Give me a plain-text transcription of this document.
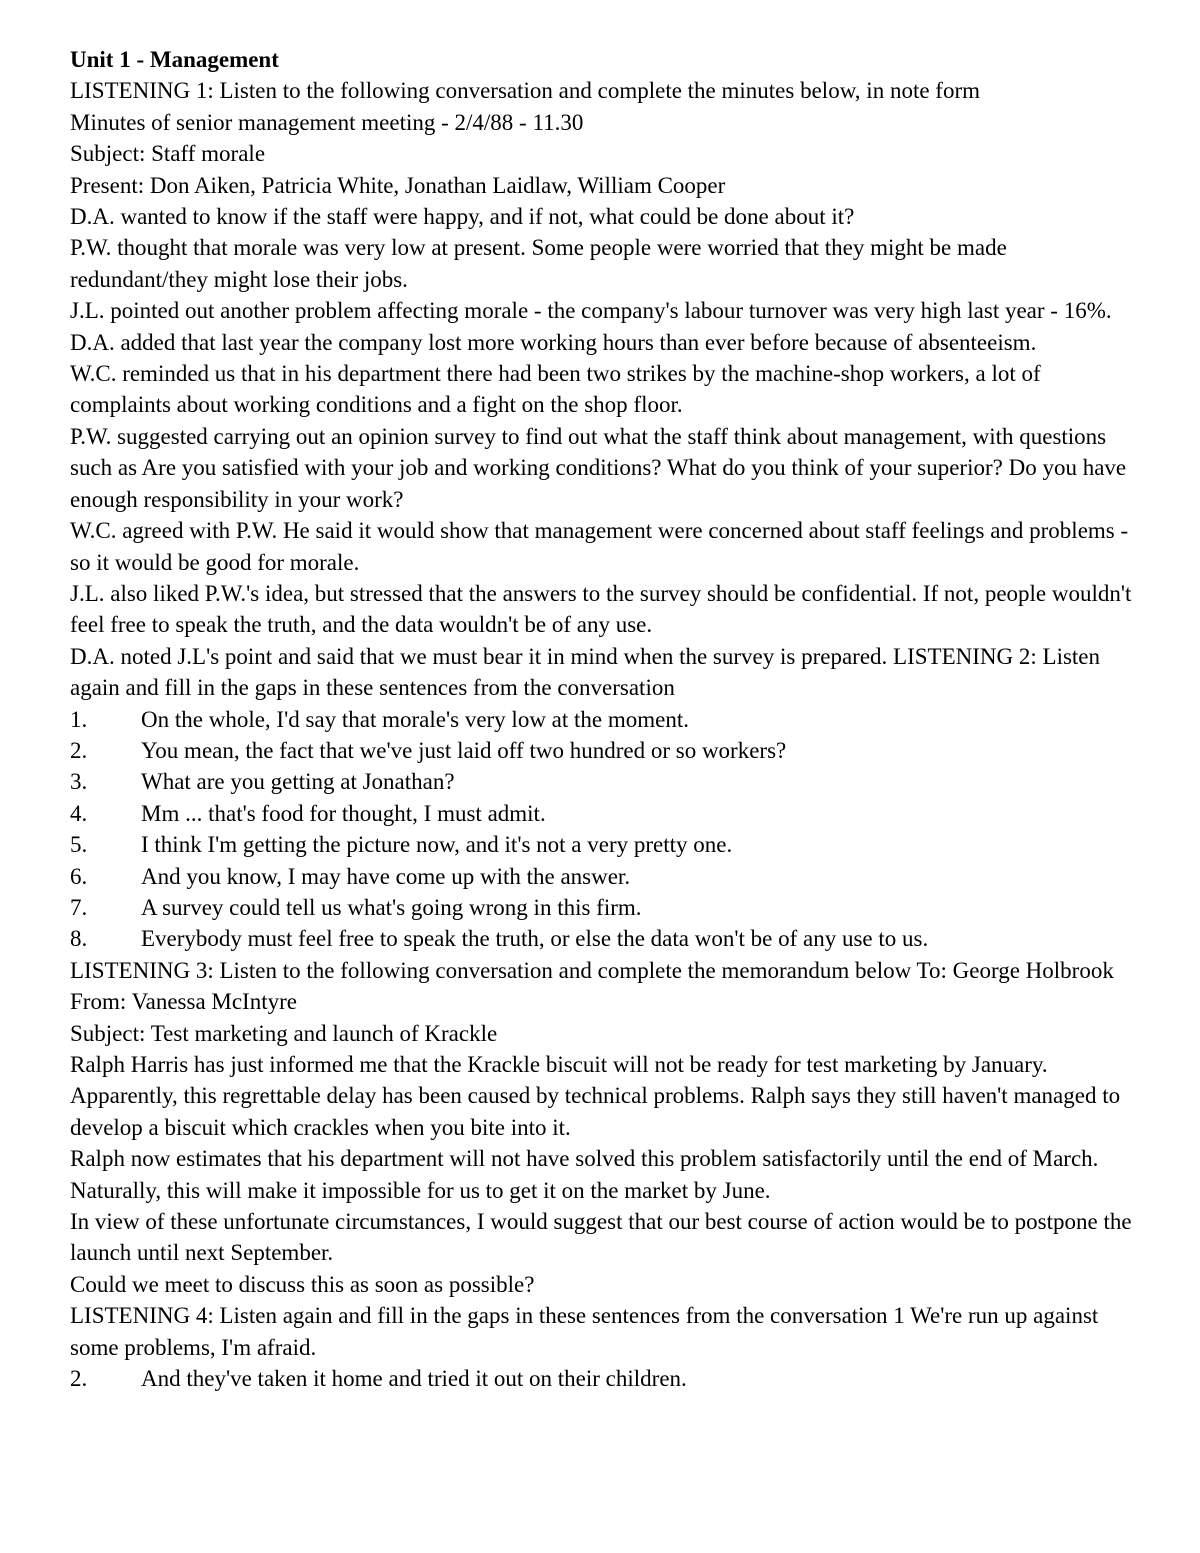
Unit 1 - Management

LISTENING 1: Listen to the following conversation and complete the minutes below, in note form

Minutes of senior management meeting - 2/4/88 - 11.30

Subject: Staff morale

Present: Don Aiken, Patricia White, Jonathan Laidlaw, William Cooper

D.A. wanted to know if the staff were happy, and if not, what could be done about it?

P.W. thought that morale was very low at present. Some people were worried that they might be made redundant/they might lose their jobs.

J.L. pointed out another problem affecting morale - the company's labour turnover was very high last year - 16%.

D.A. added that last year the company lost more working hours than ever before because of absenteeism.

W.C. reminded us that in his department there had been two strikes by the machine-shop workers, a lot of complaints about working conditions and a fight on the shop floor.

P.W. suggested carrying out an opinion survey to find out what the staff think about management, with questions such as Are you satisfied with your job and working conditions? What do you think of your superior? Do you have enough responsibility in your work?

W.C. agreed with P.W. He said it would show that management were concerned about staff feelings and problems - so it would be good for morale.

J.L. also liked P.W.'s idea, but stressed that the answers to the survey should be confidential. If not, people wouldn't feel free to speak the truth, and the data wouldn't be of any use.

D.A. noted J.L's point and said that we must bear it in mind when the survey is prepared. LISTENING 2: Listen again and fill in the gaps in these sentences from the conversation

1.	On the whole, I'd say that morale's very low at the moment.
2.	You mean, the fact that we've just laid off two hundred or so workers?
3.	What are you getting at Jonathan?
4.	Mm ... that's food for thought, I must admit.
5.	I think I'm getting the picture now, and it's not a very pretty one.
6.	And you know, I may have come up with the answer.
7.	A survey could tell us what's going wrong in this firm.
8.	Everybody must feel free to speak the truth, or else the data won't be of any use to us.

LISTENING 3: Listen to the following conversation and complete the memorandum below To: George Holbrook

From: Vanessa McIntyre

Subject: Test marketing and launch of Krackle

Ralph Harris has just informed me that the Krackle biscuit will not be ready for test marketing by January.

Apparently, this regrettable delay has been caused by technical problems. Ralph says they still haven't managed to develop a biscuit which crackles when you bite into it.

Ralph now estimates that his department will not have solved this problem satisfactorily until the end of March. Naturally, this will make it impossible for us to get it on the market by June.

In view of these unfortunate circumstances, I would suggest that our best course of action would be to postpone the launch until next September.

Could we meet to discuss this as soon as possible?

LISTENING 4: Listen again and fill in the gaps in these sentences from the conversation 1 We're run up against some problems, I'm afraid.

2.	And they've taken it home and tried it out on their children.
